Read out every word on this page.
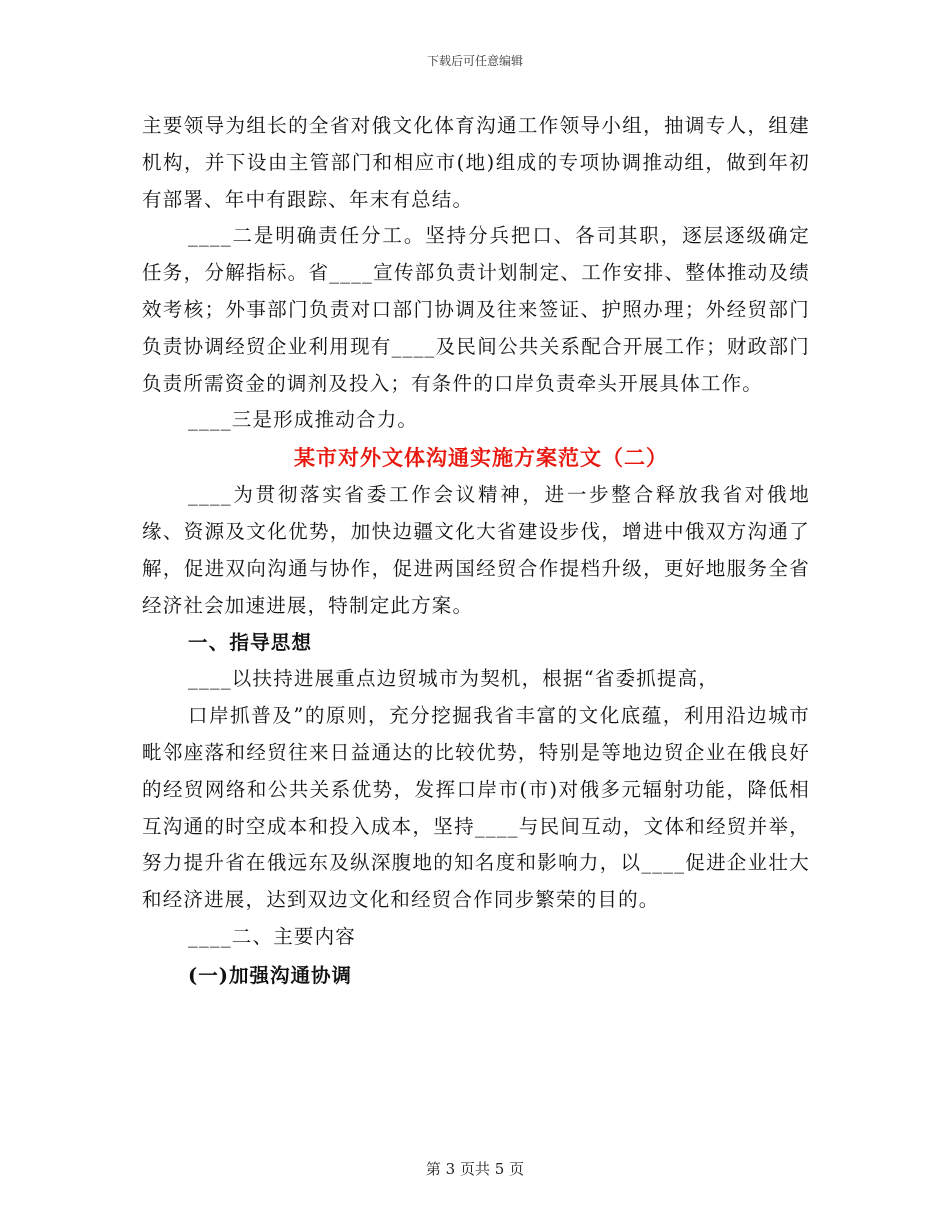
下载后可任意编辑

主要领导为组长的全省对俄文化体育沟通工作领导小组，抽调专人，组建机构，并下设由主管部门和相应市(地)组成的专项协调推动组，做到年初有部署、年中有跟踪、年末有总结。

____二是明确责任分工。坚持分兵把口、各司其职，逐层逐级确定任务，分解指标。省____宣传部负责计划制定、工作安排、整体推动及绩效考核；外事部门负责对口部门协调及往来签证、护照办理；外经贸部门负责协调经贸企业利用现有____及民间公共关系配合开展工作；财政部门负责所需资金的调剂及投入；有条件的口岸负责牵头开展具体工作。

____三是形成推动合力。

某市对外文体沟通实施方案范文（二）

____为贯彻落实省委工作会议精神，进一步整合释放我省对俄地缘、资源及文化优势，加快边疆文化大省建设步伐，增进中俄双方沟通了解，促进双向沟通与协作，促进两国经贸合作提档升级，更好地服务全省经济社会加速进展，特制定此方案。

一、指导思想

____以扶持进展重点边贸城市为契机，根据“省委抓提高，

口岸抓普及”的原则，充分挖掘我省丰富的文化底蕴，利用沿边城市毗邻座落和经贸往来日益通达的比较优势，特别是等地边贸企业在俄良好的经贸网络和公共关系优势，发挥口岸市(市)对俄多元辐射功能，降低相互沟通的时空成本和投入成本，坚持____与民间互动，文体和经贸并举，努力提升省在俄远东及纵深腹地的知名度和影响力，以____促进企业壮大和经济进展，达到双边文化和经贸合作同步繁荣的目的。

____二、主要内容

(一)加强沟通协调
第 3 页共 5 页
